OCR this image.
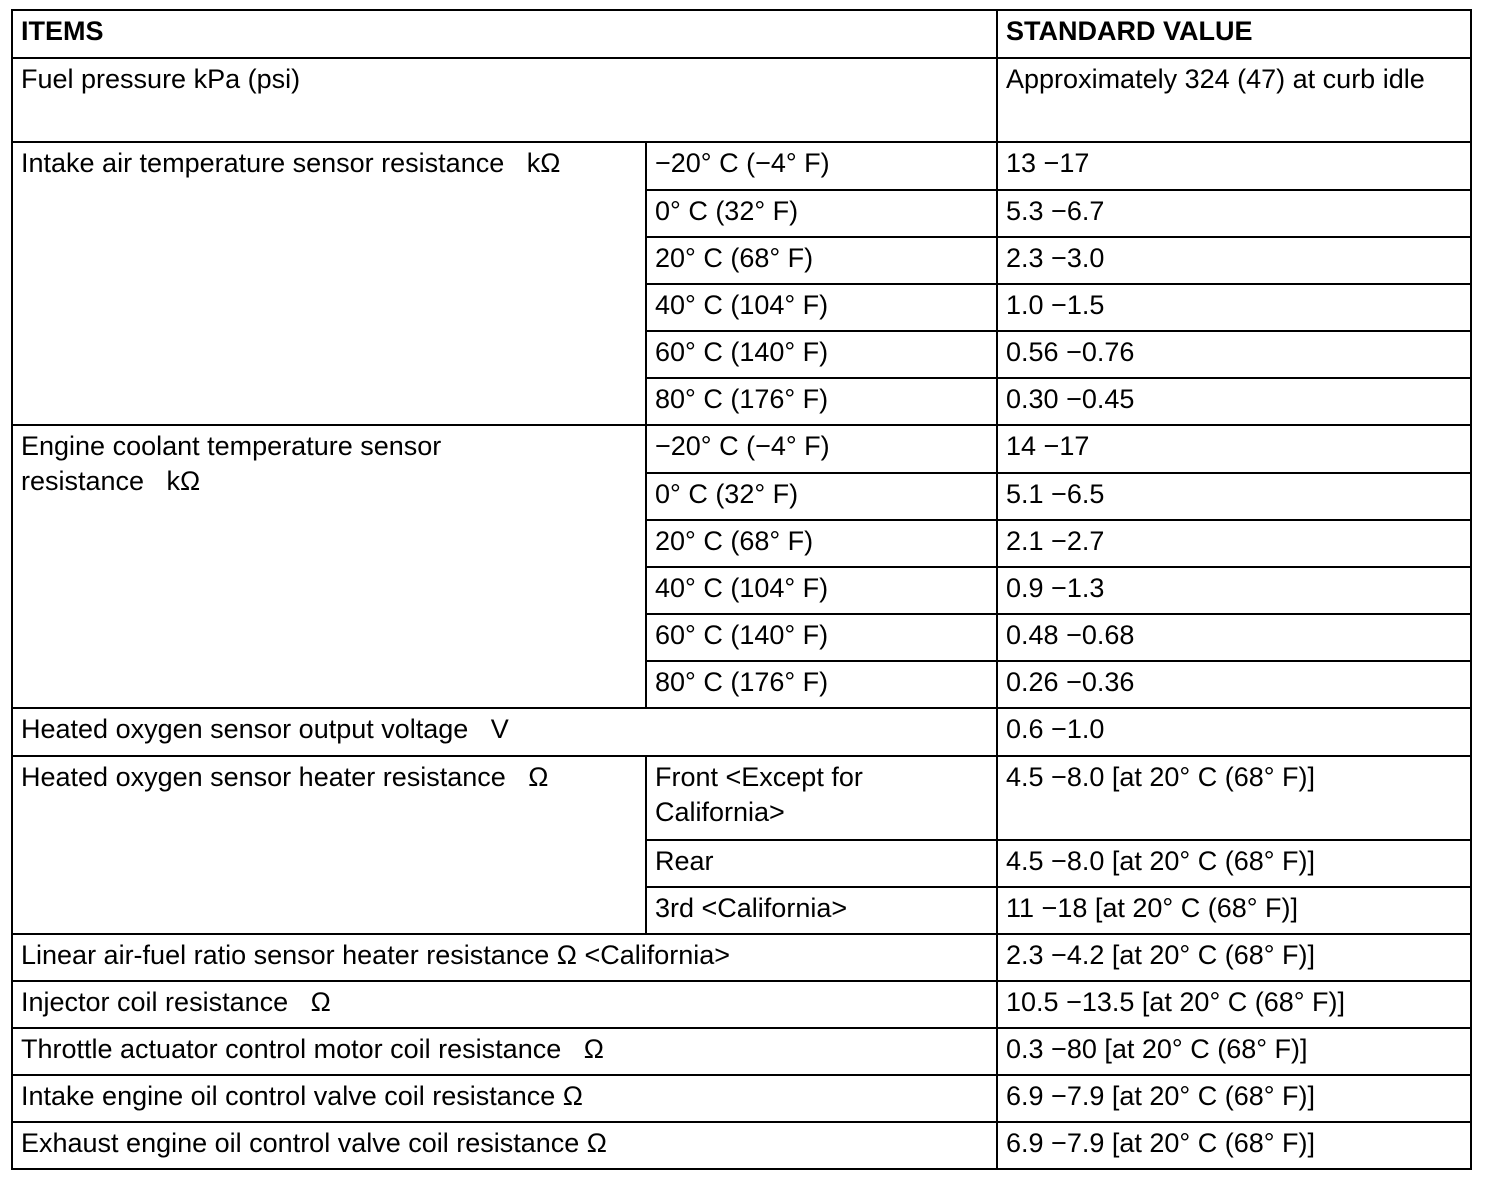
ITEMS		STANDARD VALUE
Fuel pressure kPa (psi)		Approximately 324 (47) at curb idle
Intake air temperature sensor resistance   kΩ	−20° C (−4° F)	13 −17
	0° C (32° F)	5.3 −6.7
	20° C (68° F)	2.3 −3.0
	40° C (104° F)	1.0 −1.5
	60° C (140° F)	0.56 −0.76
	80° C (176° F)	0.30 −0.45
Engine coolant temperature sensor resistance   kΩ	−20° C (−4° F)	14 −17
	0° C (32° F)	5.1 −6.5
	20° C (68° F)	2.1 −2.7
	40° C (104° F)	0.9 −1.3
	60° C (140° F)	0.48 −0.68
	80° C (176° F)	0.26 −0.36
Heated oxygen sensor output voltage   V		0.6 −1.0
Heated oxygen sensor heater resistance   Ω	Front <Except for California>	4.5 −8.0 [at 20° C (68° F)]
	Rear	4.5 −8.0 [at 20° C (68° F)]
	3rd <California>	11 −18 [at 20° C (68° F)]
Linear air-fuel ratio sensor heater resistance Ω <California>		2.3 −4.2 [at 20° C (68° F)]
Injector coil resistance   Ω		10.5 −13.5 [at 20° C (68° F)]
Throttle actuator control motor coil resistance   Ω		0.3 −80 [at 20° C (68° F)]
Intake engine oil control valve coil resistance Ω		6.9 −7.9 [at 20° C (68° F)]
Exhaust engine oil control valve coil resistance Ω		6.9 −7.9 [at 20° C (68° F)]
